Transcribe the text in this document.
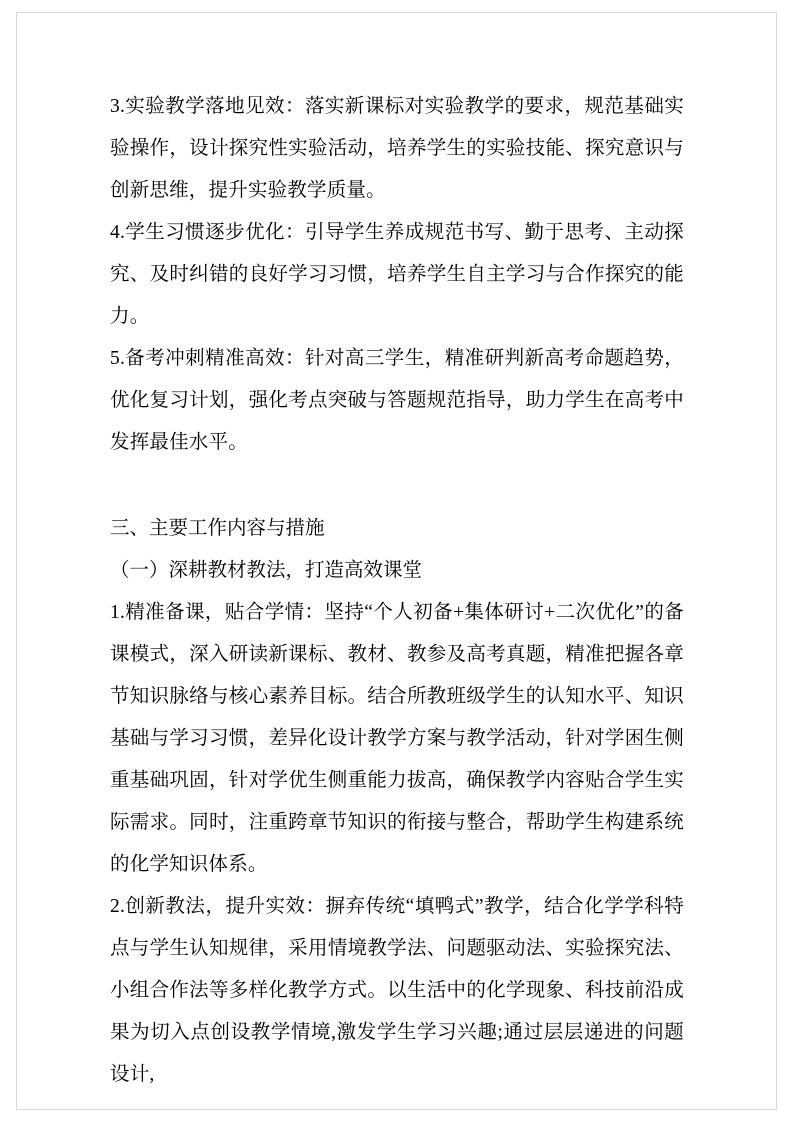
3.实验教学落地见效：落实新课标对实验教学的要求，规范基础实验操作，设计探究性实验活动，培养学生的实验技能、探究意识与创新思维，提升实验教学质量。

4.学生习惯逐步优化：引导学生养成规范书写、勤于思考、主动探究、及时纠错的良好学习习惯，培养学生自主学习与合作探究的能力。

5.备考冲刺精准高效：针对高三学生，精准研判新高考命题趋势，优化复习计划，强化考点突破与答题规范指导，助力学生在高考中发挥最佳水平。

三、主要工作内容与措施

（一）深耕教材教法，打造高效课堂

1.精准备课，贴合学情：坚持“个人初备+集体研讨+二次优化”的备课模式，深入研读新课标、教材、教参及高考真题，精准把握各章节知识脉络与核心素养目标。结合所教班级学生的认知水平、知识基础与学习习惯，差异化设计教学方案与教学活动，针对学困生侧重基础巩固，针对学优生侧重能力拔高，确保教学内容贴合学生实际需求。同时，注重跨章节知识的衔接与整合，帮助学生构建系统的化学知识体系。

2.创新教法，提升实效：摒弃传统“填鸭式”教学，结合化学学科特点与学生认知规律，采用情境教学法、问题驱动法、实验探究法、小组合作法等多样化教学方式。以生活中的化学现象、科技前沿成果为切入点创设教学情境,激发学生学习兴趣;通过层层递进的问题设计,
